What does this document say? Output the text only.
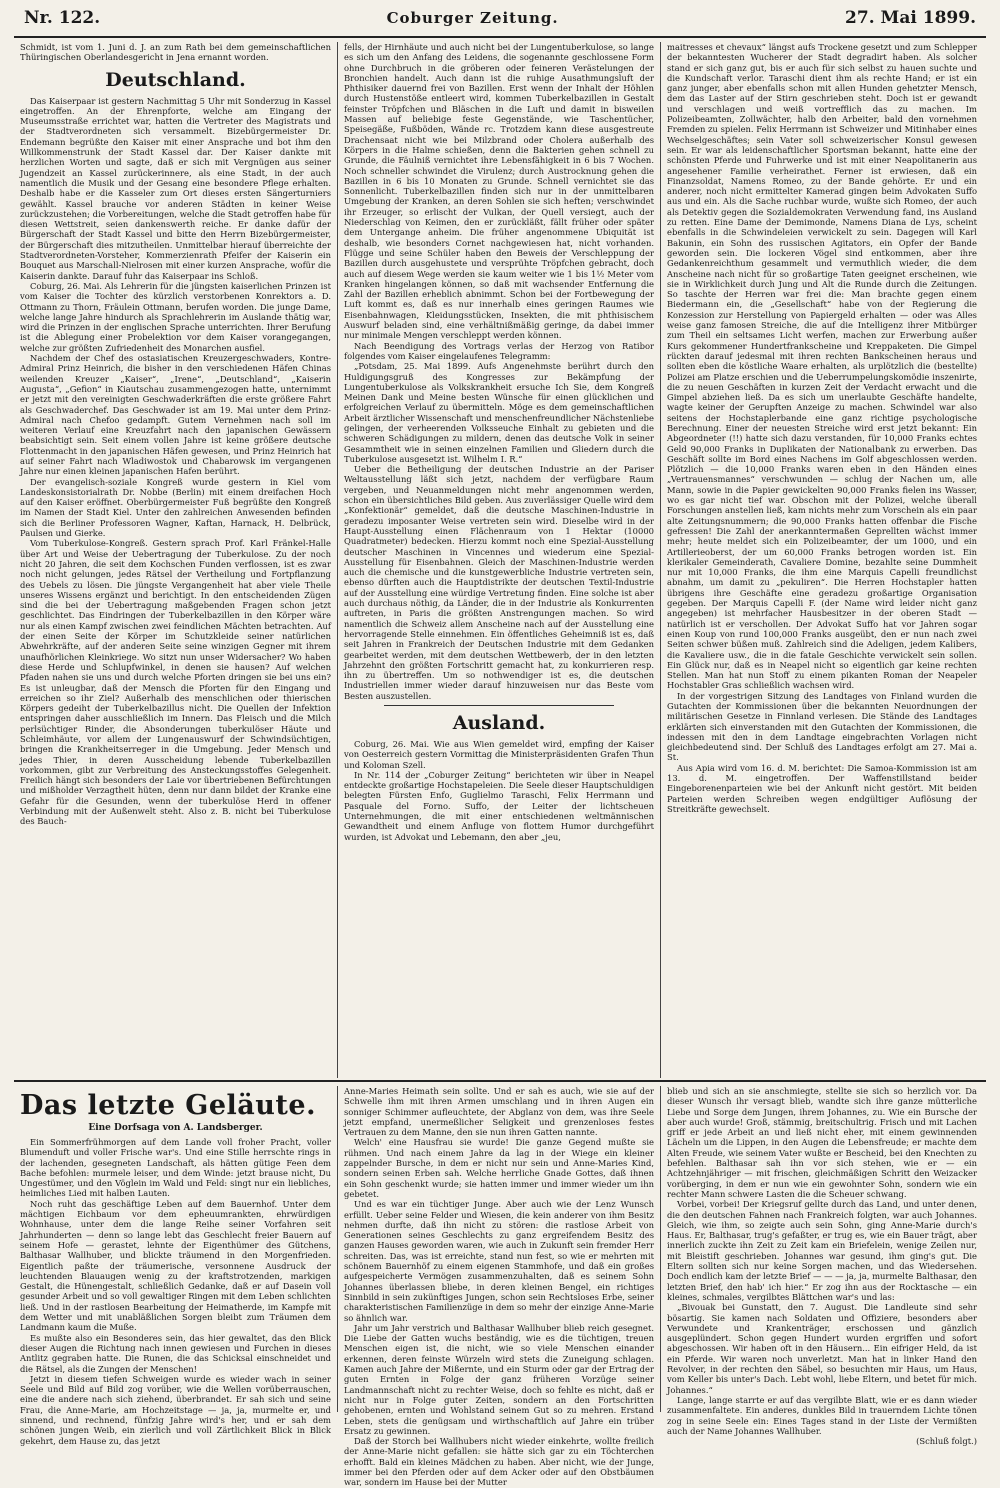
Nr. 122.	Coburger Zeitung.	27. Mai 1899.

Schmidt, ist vom 1. Juni d. J. an zum Rath bei dem gemeinschaftlichen Thüringischen Oberlandesgericht in Jena ernannt worden.

Deutschland.

Das Kaiserpaar ist gestern Nachmittag 5 Uhr mit Sonderzug in Kassel eingetroffen. An der Ehrenpforte, welche am Eingang der Museumsstraße errichtet war, hatten die Vertreter des Magistrats und der Stadtverordneten sich versammelt. Bizebürgermeister Dr. Endemann begrüßte den Kaiser mit einer Ansprache und bot ihm den Willkommenstrunk der Stadt Kassel dar. Der Kaiser dankte mit herzlichen Worten und sagte, daß er sich mit Vergnügen aus seiner Jugendzeit an Kassel zurückerinnere, als eine Stadt, in der auch namentlich die Musik und der Gesang eine besondere Pflege erhalten. Deshalb habe er die Kasseler zum Ort dieses ersten Sängerturniers gewählt. Kassel brauche vor anderen Städten in keiner Weise zurückzustehen; die Vorbereitungen, welche die Stadt getroffen habe für diesen Wettstreit, seien dankenswerth reiche. Er danke dafür der Bürgerschaft der Stadt Kassel und bitte den Herrn Bizebürgermeister, der Bürgerschaft dies mitzutheilen. Unmittelbar hierauf überreichte der Stadtverordneten-Vorsteher, Kommerzienrath Pfeifer der Kaiserin ein Bouquet aus Marschall-Nielrosen mit einer kurzen Ansprache, wofür die Kaiserin dankte. Darauf fuhr das Kaiserpaar ins Schloß.

Coburg, 26. Mai. Als Lehrerin für die jüngsten kaiserlichen Prinzen ist vom Kaiser die Tochter des kürzlich verstorbenen Konrektors a. D. Ottmann zu Thorn, Fräulein Ottmann, berufen worden. Die junge Dame, welche lange Jahre hindurch als Sprachlehrerin im Auslande thätig war, wird die Prinzen in der englischen Sprache unterrichten. Ihrer Berufung ist die Ablegung einer Probelektion vor dem Kaiser vorangegangen, welche zur größten Zufriedenheit des Monarchen ausfiel.

Nachdem der Chef des ostasiatischen Kreuzergeschwaders, Kontre-Admiral Prinz Heinrich, die bisher in den verschiedenen Häfen Chinas weilenden Kreuzer „Kaiser“, „Irene“, „Deutschland“, „Kaiserin Augusta“, „Gefion“ in Kiautschau zusammengezogen hatte, unternimmt er jetzt mit den vereinigten Geschwaderkräften die erste größere Fahrt als Geschwaderchef. Das Geschwader ist am 19. Mai unter dem Prinz-Admiral nach Chefoo gedampft. Gutem Vernehmen nach soll im weiteren Verlauf eine Kreuzfahrt nach den japanischen Gewässern beabsichtigt sein. Seit einem vollen Jahre ist keine größere deutsche Flottenmacht in den japanischen Häfen gewesen, und Prinz Heinrich hat auf seiner Fahrt nach Wladiwostok und Chabarowsk im vergangenen Jahre nur einen kleinen japanischen Hafen berührt.

Der evangelisch-soziale Kongreß wurde gestern in Kiel vom Landeskonsistorialrath Dr. Nobbe (Berlin) mit einem dreifachen Hoch auf den Kaiser eröffnet. Oberbürgermeister Fuß begrüßte den Kongreß im Namen der Stadt Kiel. Unter den zahlreichen Anwesenden befinden sich die Berliner Professoren Wagner, Kaftan, Harnack, H. Delbrück, Paulsen und Gierke.

Vom Tuberkulose-Kongreß. Gestern sprach Prof. Karl Fränkel-Halle über Art und Weise der Uebertragung der Tuberkulose. Zu der noch nicht 20 Jahren, die seit dem Kochschen Funden verflossen, ist es zwar noch nicht gelungen, jedes Rätsel der Vertheilung und Fortpflanzung des Uebels zu lösen. Die jüngste Vergangenheit hat aber viele Theile unseres Wissens ergänzt und berichtigt. In den entscheidenden Zügen sind die bei der Uebertragung maßgebenden Fragen schon jetzt geschlichtet. Das Eindringen der Tuberkelbazillen in den Körper wäre nur als einen Kampf zwischen zwei feindlichen Mächten betrachten. Auf der einen Seite der Körper im Schutzkleide seiner natürlichen Abwehrkräfte, auf der anderen Seite seine winzigen Gegner mit ihrem unaufhörlichen Kleinkriege. Wo sitzt nun unser Widersacher? Wo haben diese Herde und Schlupfwinkel, in denen sie hausen? Auf welchen Pfaden nahen sie uns und durch welche Pforten dringen sie bei uns ein? Es ist unleugbar, daß der Mensch die Pforten für den Eingang und erreichen so ihr Ziel? Außerhalb des menschlichen oder thierischen Körpers gedeiht der Tuberkelbazillus nicht. Die Quellen der Infektion entspringen daher ausschließlich im Innern. Das Fleisch und die Milch perlsüchtiger Rinder, die Absonderungen tuberkulöser Häute und Schleimhäute, vor allem der Lungenauswurf der Schwindsüchtigen, bringen die Krankheitserreger in die Umgebung. Jeder Mensch und jedes Thier, in deren Ausscheidung lebende Tuberkelbazillen vorkommen, gibt zur Verbreitung des Ansteckungsstoffes Gelegenheit. Freilich hängt sich besonders der Laie vor übertriebenen Befürchtungen und mißholder Verzagtheit hüten, denn nur dann bildet der Kranke eine Gefahr für die Gesunden, wenn der tuberkulöse Herd in offener Verbindung mit der Außenwelt steht. Also z. B. nicht bei Tuberkulose des Bauch-

fells, der Hirnhäute und auch nicht bei der Lungentuberkulose, so lange es sich um den Anfang des Leidens, die sogenannte geschlossene Form ohne Durchbruch in die gröberen oder feineren Verästelungen der Bronchien handelt. Auch dann ist die ruhige Ausathmungsluft der Phthisiker dauernd frei von Bazillen. Erst wenn der Inhalt der Höhlen durch Hustenstöße entleert wird, kommen Tuberkelbazillen in Gestalt feinster Tröpfchen und Bläschen in die Luft und damit in bisweilen Massen auf beliebige feste Gegenstände, wie Taschentücher, Speisegäße, Fußböden, Wände rc. Trotzdem kann diese ausgestreute Drachensaat nicht wie bei Milzbrand oder Cholera außerhalb des Körpers in die Halme schießen, denn die Bakterien gehen schnell zu Grunde, die Fäulniß vernichtet ihre Lebensfähigkeit in 6 bis 7 Wochen. Noch schneller schwindet die Virulenz; durch Austrocknung gehen die Bazillen in 6 bis 10 Monaten zu Grunde. Schnell vernichtet sie das Sonnenlicht. Tuberkelbazillen finden sich nur in der unmittelbaren Umgebung der Kranken, an deren Sohlen sie sich heften; verschwindet ihr Erzeuger, so erlischt der Vulkan, der Quell versiegt, auch der Niederschlag von Keimen, den er zurückläßt, fällt früher oder später dem Untergange anheim. Die früher angenommene Ubiquität ist deshalb, wie besonders Cornet nachgewiesen hat, nicht vorhanden. Flügge und seine Schüler haben den Beweis der Verschleppung der Bazillen durch ausgehustete und versprühte Tröpfchen gebracht, doch auch auf diesem Wege werden sie kaum weiter wie 1 bis 1½ Meter vom Kranken hingelangen können, so daß mit wachsender Entfernung die Zahl der Bazillen erheblich abnimmt. Schon bei der Fortbewegung der Luft kommt es, daß es nur innerhalb eines geringen Raumes wie Eisenbahnwagen, Kleidungsstücken, Insekten, die mit phthisischem Auswurf beladen sind, eine verhältnißmäßig geringe, da dabei immer nur minimale Mengen verschleppt werden können.

Nach Beendigung des Vortrags verlas der Herzog von Ratibor folgendes vom Kaiser eingelaufenes Telegramm:

„Potsdam, 25. Mai 1899. Aufs Angenehmste berührt durch den Huldigungsgruß des Kongresses zur Bekämpfung der Lungentuberkulose als Volkskrankheit ersuche Ich Sie, dem Kongreß Meinen Dank und Meine besten Wünsche für einen glücklichen und erfolgreichen Verlauf zu übermitteln. Möge es dem gemeinschaftlichen Arbeit ärztlicher Wissenschaft und menschenfreundlicher Nächstenliebe gelingen, der verheerenden Volksseuche Einhalt zu gebieten und die schweren Schädigungen zu mildern, denen das deutsche Volk in seiner Gesammtheit wie in seinen einzelnen Familien und Gliedern durch die Tuberkulose ausgesetzt ist. Wilhelm I. R.“

Ueber die Betheiligung der deutschen Industrie an der Pariser Weltausstellung läßt sich jetzt, nachdem der verfügbare Raum vergeben, und Neuanmeldungen nicht mehr angenommen werden, schon ein übersichtliches Bild geben. Aus zuverlässiger Quelle wird dem „Konfektionär“ gemeldet, daß die deutsche Maschinen-Industrie in geradezu imposanter Weise vertreten sein wird. Dieselbe wird in der Haupt-Ausstellung einen Flächenraum von 1 Hektar (10000 Quadratmeter) bedecken. Hierzu kommt noch eine Spezial-Ausstellung deutscher Maschinen in Vincennes und wiederum eine Spezial-Ausstellung für Eisenbahnen. Gleich der Maschinen-Industrie werden auch die chemische und die kunstgewerbliche Industrie vertreten sein, ebenso dürften auch die Hauptdistrikte der deutschen Textil-Industrie auf der Ausstellung eine würdige Vertretung finden. Eine solche ist aber auch durchaus nöthig, da Länder, die in der Industrie als Konkurrenten auftreten, in Paris die größten Anstrengungen machen. So wird namentlich die Schweiz allem Anscheine nach auf der Ausstellung eine hervorragende Stelle einnehmen. Ein öffentliches Geheimniß ist es, daß seit Jahren in Frankreich der Deutschen Industrie mit dem Gedanken gearbeitet werden, mit dem deutschen Wettbewerb, der in den letzten Jahrzehnt den größten Fortschritt gemacht hat, zu konkurrieren resp. ihn zu übertreffen. Um so nothwendiger ist es, die deutschen Industriellen immer wieder darauf hinzuweisen nur das Beste vom Besten auszustellen.

Ausland.

Coburg, 26. Mai. Wie aus Wien gemeldet wird, empfing der Kaiser von Oesterreich gestern Vormittag die Ministerpräsidenten Grafen Thun und Koloman Szell.

In Nr. 114 der „Coburger Zeitung“ berichteten wir über in Neapel entdeckte großartige Hochstapeleien. Die Seele dieser Hauptschuldigen belegten Fürsten Enfo, Guglielmo Taraschi, Felix Herrmann und Pasquale del Forno. Suffo, der Leiter der lichtscheuen Unternehmungen, die mit einer entschiedenen weltmännischen Gewandtheit und einem Anfluge von flottem Humor durchgeführt wurden, ist Advokat und Lebemann, den aber „jeu,

maitresses et chevaux“ längst aufs Trockene gesetzt und zum Schlepper der bekanntesten Wucherer der Stadt degradirt haben. Als solcher stand er sich ganz gut, bis er auch für sich selbst zu hauen suchte und die Kundschaft verlor. Taraschi dient ihm als rechte Hand; er ist ein ganz junger, aber ebenfalls schon mit allen Hunden gehetzter Mensch, dem das Laster auf der Stirn geschrieben steht. Doch ist er gewandt und verschlagen und weiß vortrefflich das zu machen. Im Polizeibeamten, Zollwächter, halb den Arbeiter, bald den vornehmen Fremden zu spielen. Felix Herrmann ist Schweizer und Mitinhaber eines Wechselgeschäftes; sein Vater soll schweizerischer Konsul gewesen sein. Er war als leidenschaftlicher Sportsman bekannt, hatte eine der schönsten Pferde und Fuhrwerke und ist mit einer Neapolitanerin aus angesehener Familie verheirathet. Ferner ist erwiesen, daß ein Finanzsoldat, Namens Romeo, zu der Bande gehörte. Er und ein anderer, noch nicht ermittelter Kamerad gingen beim Advokaten Suffo aus und ein. Als die Sache ruchbar wurde, wußte sich Romeo, der auch als Detektiv gegen die Sozialdemokraten Verwendung fand, ins Ausland zu retten. Eine Dame der Demimonde, Namens Diana de Lys, scheint ebenfalls in die Schwindeleien verwickelt zu sein. Dagegen will Karl Bakunin, ein Sohn des russischen Agitators, ein Opfer der Bande geworden sein. Die lockeren Vögel sind entkommen, aber ihre Gedankenreichthum gesammelt und vermuthlich wieder, die dem Anscheine nach nicht für so großartige Taten geeignet erscheinen, wie sie in Wirklichkeit durch Jung und Alt die Runde durch die Zeitungen. So taschte der Herren war frei die: Man brachte gegen einem Biedermann ein, die „Gesellschaft“ habe von der Regierung die Konzession zur Herstellung von Papiergeld erhalten — oder was Alles weise ganz famosen Streiche, die auf die Intelligenz ihrer Mitbürger zum Theil ein seltsames Licht werfen, machen zur Erwerbung außer Kurs gekommener Hundertfrankscheine und Kreppaketen. Die Gimpel rückten darauf jedesmal mit ihren rechten Bankscheinen heraus und sollten eben die köstliche Waare erhalten, als urplötzlich die (bestellte) Polizei am Platze erschien und die Ueberrumpelungskomödie inszenirte, die zu neuen Geschäften in kurzen Zeit der Verdacht erwacht und die Gimpel abziehen ließ. Da es sich um unerlaubte Geschäfte handelte, wagte keiner der Gerupften Anzeige zu machen. Schwindel war also seitens der Hochstaplerbande eine ganz richtige psychologische Berechnung. Einer der neuesten Streiche wird erst jetzt bekannt: Ein Abgeordneter (!!) hatte sich dazu verstanden, für 10,000 Franks echtes Geld 90,000 Franks in Duplikaten der Nationalbank zu erwerben. Das Geschäft sollte im Bord eines Nachens im Golf abgeschlossen werden. Plötzlich — die 10,000 Franks waren eben in den Händen eines „Vertrauensmannes“ verschwunden — schlug der Nachen um, alle Mann, sowie in die Papier gewickelten 90,000 Franks fielen ins Wasser, wo es gar nicht tief war. Obschon mit der Polizei, welche überall Forschungen anstellen ließ, kam nichts mehr zum Vorschein als ein paar alte Zeitungsnummern; die 90,000 Franks hatten offenbar die Fische gefressen! Die Zahl der anerkanntermaßen Geprellten wächst immer mehr; heute meldet sich ein Polizeibeamter, der um 1000, und ein Artillerieoberst, der um 60,000 Franks betrogen worden ist. Ein klerikaler Gemeinderath, Cavaliere Domine, bezahlte seine Dummheit nur mit 10,000 Franks, die ihm eine Marquis Capelli freundlichst abnahm, um damit zu „pekuliren“. Die Herren Hochstapler hatten übrigens ihre Geschäfte eine geradezu großartige Organisation gegeben. Der Marquis Capelli F. (der Name wird leider nicht ganz angegeben) ist mehrfacher Hausbesitzer in der oberen Stadt — natürlich ist er verschollen. Der Advokat Suffo hat vor Jahren sogar einen Koup von rund 100,000 Franks ausgeübt, den er nun nach zwei Seiten schwer büßen muß. Zahlreich sind die Adeligen, jedem Kalibers, die Kavaliere usw., die in die fatale Geschichte verwickelt sein sollen. Ein Glück nur, daß es in Neapel nicht so eigentlich gar keine rechten Stellen. Man hat nun Stoff zu einem pikanten Roman der Neapeler Hochstabler Gras schließlich wachsen wird.

In der vorgestrigen Sitzung des Landtages von Finland wurden die Gutachten der Kommissionen über die bekannten Neuordnungen der militärischen Gesetze in Finnland verlesen. Die Stände des Landtages erklärten sich einverstanden mit den Gutachten der Kommissionen, die indessen mit den in dem Landtage eingebrachten Vorlagen nicht gleichbedeutend sind. Der Schluß des Landtages erfolgt am 27. Mai a. St.

Aus Apia wird vom 16. d. M. berichtet: Die Samoa-Kommission ist am 13. d. M. eingetroffen. Der Waffenstillstand beider Eingeborenenparteien wie bei der Ankunft nicht gestört. Mit beiden Parteien werden Schreiben wegen endgültiger Auflösung der Streitkräfte gewechselt.

Das letzte Geläute.
Eine Dorfsaga von A. Landsberger.

Ein Sommerfrühmorgen auf dem Lande voll froher Pracht, voller Blumenduft und voller Frische war's. Und eine Stille herrschte rings in der lachenden, gesegneten Landschaft, als hätten gütige Feen dem Bache befohlen: murmele leiser, und dem Winde: jetzt brause nicht, Du Ungestümer, und den Vöglein im Wald und Feld: singt nur ein liebliches, heimliches Lied mit halben Lauten.

Noch ruht das geschäftige Leben auf dem Bauernhof. Unter dem mächtigen Eichbaum vor dem epheuumrankten, ehrwürdigen Wohnhause, unter dem die lange Reihe seiner Vorfahren seit Jahrhunderten — denn so lange lebt das Geschlecht freier Bauern auf seinem Hofe — gerastet, lehnte der Eigenthümer des Gütchens, Balthasar Wallhuber, und blickte träumend in den Morgenfrieden. Eigentlich paßte der träumerische, versonnene Ausdruck der leuchtenden Blauaugen wenig zu der kraftstrotzenden, markigen Gestalt, die Hünengestalt, schließlich Gedanke, daß er auf Dasein voll gesunder Arbeit und so voll gewaltiger Ringen mit dem Leben schlichten ließ. Und in der rastlosen Bearbeitung der Heimatherde, im Kampfe mit dem Wetter und mit unabläßlichen Sorgen bleibt zum Träumen dem Landmann kaum die Muße.

Es mußte also ein Besonderes sein, das hier gewaltet, das den Blick dieser Augen die Richtung nach innen gewiesen und Furchen in dieses Antlitz gegraben hatte. Die Runen, die das Schicksal einschneidet und die Rätsel, als die Zungen der Menschen!

Jetzt in diesem tiefen Schweigen wurde es wieder wach in seiner Seele und Bild auf Bild zog vorüber, wie die Wellen vorüberrauschen, eine die andere nach sich ziehend, überbrandet. Er sah sich und seine Frau, die Anne-Marie, am Hochzeitstage — ja, ja, murmelte er, und sinnend, und rechnend, fünfzig Jahre wird's her, und er sah dem schönen jungen Weib, ein zierlich und voll Zärtlichkeit Blick in Blick gekehrt, dem Hause zu, das jetzt

Anne-Maries Heimath sein sollte. Und er sah es auch, wie sie auf der Schwelle ihm mit ihren Armen umschlang und in ihren Augen ein sonniger Schimmer aufleuchtete, der Abglanz von dem, was ihre Seele jetzt empfand, unermeßlicher Seligkeit und grenzenloses festes Vertrauen zu dem Manne, den sie nun ihren Gatten nannte.

Welch' eine Hausfrau sie wurde! Die ganze Gegend mußte sie rühmen. Und nach einem Jahre da lag in der Wiege ein kleiner zappelnder Bursche, in dem er nicht nur sein und Anne-Maries Kind, sondern seinen Erben sah. Welche herrliche Gnade Gottes, daß ihnen ein Sohn geschenkt wurde; sie hatten immer und immer wieder um ihn gebetet.

Und es war ein tüchtiger Junge. Aber auch wie der Lenz Wunsch erfüllt. Ueber seine Felder und Wiesen, die kein anderer von ihm Besitz nehmen durfte, daß ihn nicht zu stören: die rastlose Arbeit von Generationen seines Geschlechts zu ganz ergreifendem Besitz des ganzen Hauses geworden waren, wie auch in Zukunft sein fremder Herr schreiten. Das, was ist erreichte, stand nun fest, so wie er mehrten mit schönem Bauernhöf zu einem eigenen Stammhofe, und daß ein großes aufgespeicherte Vermögen zusammenzuhalten, daß es seinem Sohn Johannes überlassen bliebe, in deren kleinen Bengel, ein richtiges Sinnbild in sein zukünftiges Jungen, schon sein Rechtsloses Erbe, seiner charakteristischen Familienzüge in dem so mehr der einzige Anne-Marie so ähnlich war.

Jahr um Jahr verstrich und Balthasar Wallhuber blieb reich gesegnet. Die Liebe der Gatten wuchs beständig, wie es die tüchtigen, treuen Menschen eigen ist, die nicht, wie so viele Menschen einander erkennen, deren feinste Würzeln wird stets die Zuneigung schlagen. Kamen auch Jahre der Mißernte, und ein Sturm oder gar der Ertrag der guten Ernten in Folge der ganz früheren Vorzüge seiner Landmannschaft nicht zu rechter Weise, doch so fehlte es nicht, daß er nicht nur in Folge guter Zeiten, sondern an den Fortschritten gehobenen, ernten und Wohlstand seinem Gut so zu mehren. Erstand Leben, stets die genügsam und wirthschaftlich auf Jahre ein trüber Ersatz zu gewinnen.

Daß der Storch bei Wallhubers nicht wieder einkehrte, wollte freilich der Anne-Marie nicht gefallen: sie hätte sich gar zu ein Töchterchen erhofft. Bald ein kleines Mädchen zu haben. Aber nicht, wie der Junge, immer bei den Pferden oder auf dem Acker oder auf den Obstbäumen war, sondern im Hause bei der Mutter

blieb und sich an sie anschmiegte, stellte sie sich so herzlich vor. Da dieser Wunsch ihr versagt blieb, wandte sich ihre ganze mütterliche Liebe und Sorge dem Jungen, ihrem Johannes, zu. Wie ein Bursche der aber auch wurde! Groß, stämmig, breitschultrig. Frisch und mit Lachen griff er jede Arbeit an und ließ nicht eher, mit einem gewinnenden Lächeln um die Lippen, in den Augen die Lebensfreude; er machte dem Alten Freude, wie seinem Vater wußte er Bescheid, bei den Knechten zu befehlen. Balthasar sah ihn vor sich stehen, wie er — ein Achtzehnjähriger — mit frischen, gleichmäßigen Schritt den Weizacker vorüberging, in dem er nun wie ein gewohnter Sohn, sondern wie ein rechter Mann schwere Lasten die die Scheuer schwang.

Vorbei, vorbei! Der Kriegsruf gellte durch das Land, und unter denen, die den deutschen Fahnen nach Frankreich folgten, war auch Johannes. Gleich, wie ihm, so zeigte auch sein Sohn, ging Anne-Marie durch's Haus. Er, Balthasar, trug's gefaßter, er trug es, wie ein Bauer trägt, aber innerlich zuckte ihn Zeit zu Zeit kam ein Briefelein, wenige Zeilen nur, mit Bleistift geschrieben. Johannes war gesund, ihm ging's gut. Die Eltern sollten sich nur keine Sorgen machen, und das Wiedersehen. Doch endlich kam der letzte Brief — — — ja, ja, murmelte Balthasar, den letzten Brief, den hab' ich hier.“ Er zog ihn aus der Rocktasche — ein kleines, schmales, vergilbtes Blättchen war's und las:

„Bivouak bei Gunstatt, den 7. August. Die Landleute sind sehr bösartig. Sie kamen nach Soldaten und Offiziere, besonders aber Verwundete und Krankenträger, erschossen und gänzlich ausgeplündert. Schon gegen Hundert wurden ergriffen und sofort abgeschossen. Wir haben oft in den Häusern... Ein eifriger Held, da ist ein Pferde. Wir waren noch unverletzt. Man hat in linker Hand den Revolver, in der rechten den Säbel, so besuchten mir Haus, um Haus, vom Keller bis unter's Dach. Lebt wohl, liebe Eltern, und betet für mich. Johannes.“

Lange, lange starrte er auf das vergilbte Blatt, wie er es dann wieder zusammenfaltete. Ein anderes, dunkles Bild in trauerndem Lichte tönen zog in seine Seele ein: Eines Tages stand in der Liste der Vermißten auch der Name Johannes Wallhuber.

(Schluß folgt.)
